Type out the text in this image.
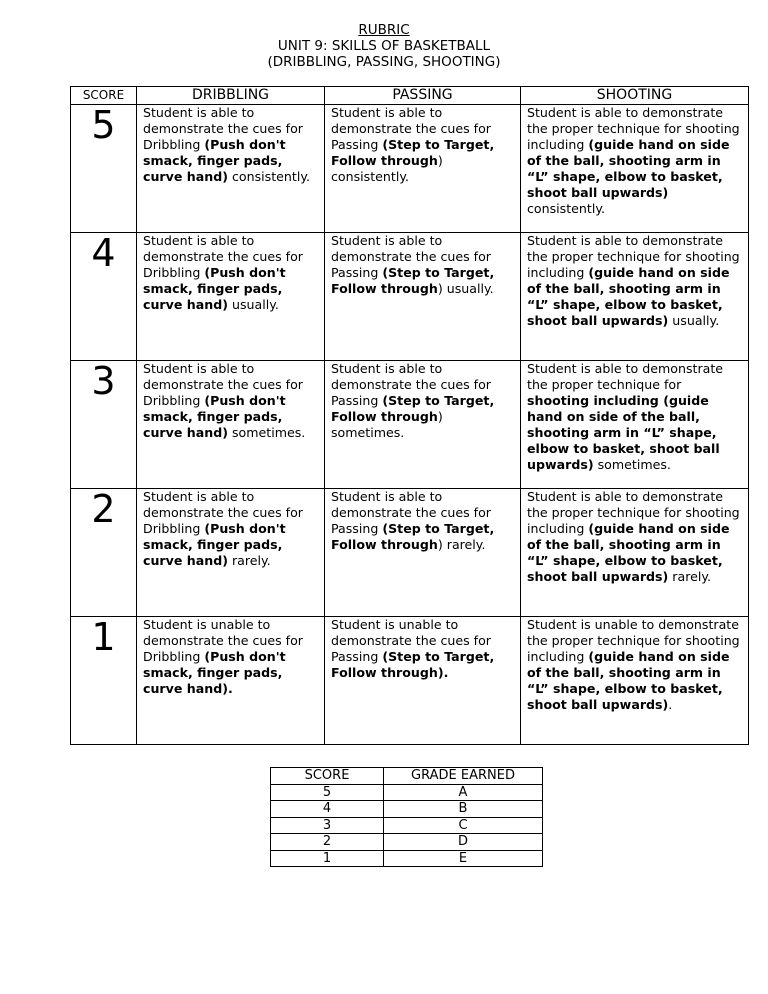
RUBRIC
UNIT 9: SKILLS OF BASKETBALL
(DRIBBLING, PASSING, SHOOTING)
SCORE	DRIBBLING	PASSING	SHOOTING
5	Student is able to demonstrate the cues for Dribbling (Push don't smack, finger pads, curve hand) consistently.	Student is able to demonstrate the cues for Passing (Step to Target, Follow through) consistently.	Student is able to demonstrate the proper technique for shooting including (guide hand on side of the ball, shooting arm in “L” shape, elbow to basket, shoot ball upwards) consistently.
4	Student is able to demonstrate the cues for Dribbling (Push don't smack, finger pads, curve hand) usually.	Student is able to demonstrate the cues for Passing (Step to Target, Follow through) usually.	Student is able to demonstrate the proper technique for shooting including (guide hand on side of the ball, shooting arm in “L” shape, elbow to basket, shoot ball upwards) usually.
3	Student is able to demonstrate the cues for Dribbling (Push don't smack, finger pads, curve hand) sometimes.	Student is able to demonstrate the cues for Passing (Step to Target, Follow through) sometimes.	Student is able to demonstrate the proper technique for shooting including (guide hand on side of the ball, shooting arm in “L” shape, elbow to basket, shoot ball upwards) sometimes.
2	Student is able to demonstrate the cues for Dribbling (Push don't smack, finger pads, curve hand) rarely.	Student is able to demonstrate the cues for Passing (Step to Target, Follow through) rarely.	Student is able to demonstrate the proper technique for shooting including (guide hand on side of the ball, shooting arm in “L” shape, elbow to basket, shoot ball upwards) rarely.
1	Student is unable to demonstrate the cues for Dribbling (Push don't smack, finger pads, curve hand).	Student is unable to demonstrate the cues for Passing (Step to Target, Follow through).	Student is unable to demonstrate the proper technique for shooting including (guide hand on side of the ball, shooting arm in “L” shape, elbow to basket, shoot ball upwards).
SCORE	GRADE EARNED
5	A
4	B
3	C
2	D
1	E
